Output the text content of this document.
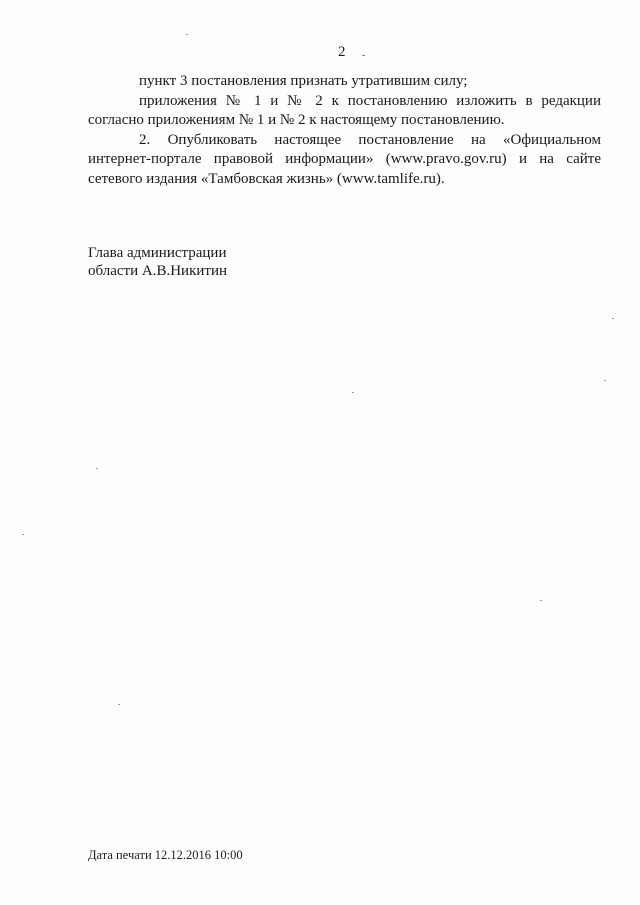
2 -
пункт 3 постановления признать утратившим силу;
приложения № 1 и № 2 к постановлению изложить в редакции
согласно приложениям № 1 и № 2 к настоящему постановлению.
2. Опубликовать настоящее постановление на «Официальном
интернет-портале правовой информации» (www.pravo.gov.ru) и на сайте
сетевого издания «Тамбовская жизнь» (www.tamlife.ru).
Глава администрации
области А.В.Никитин
Дата печати 12.12.2016 10:00
